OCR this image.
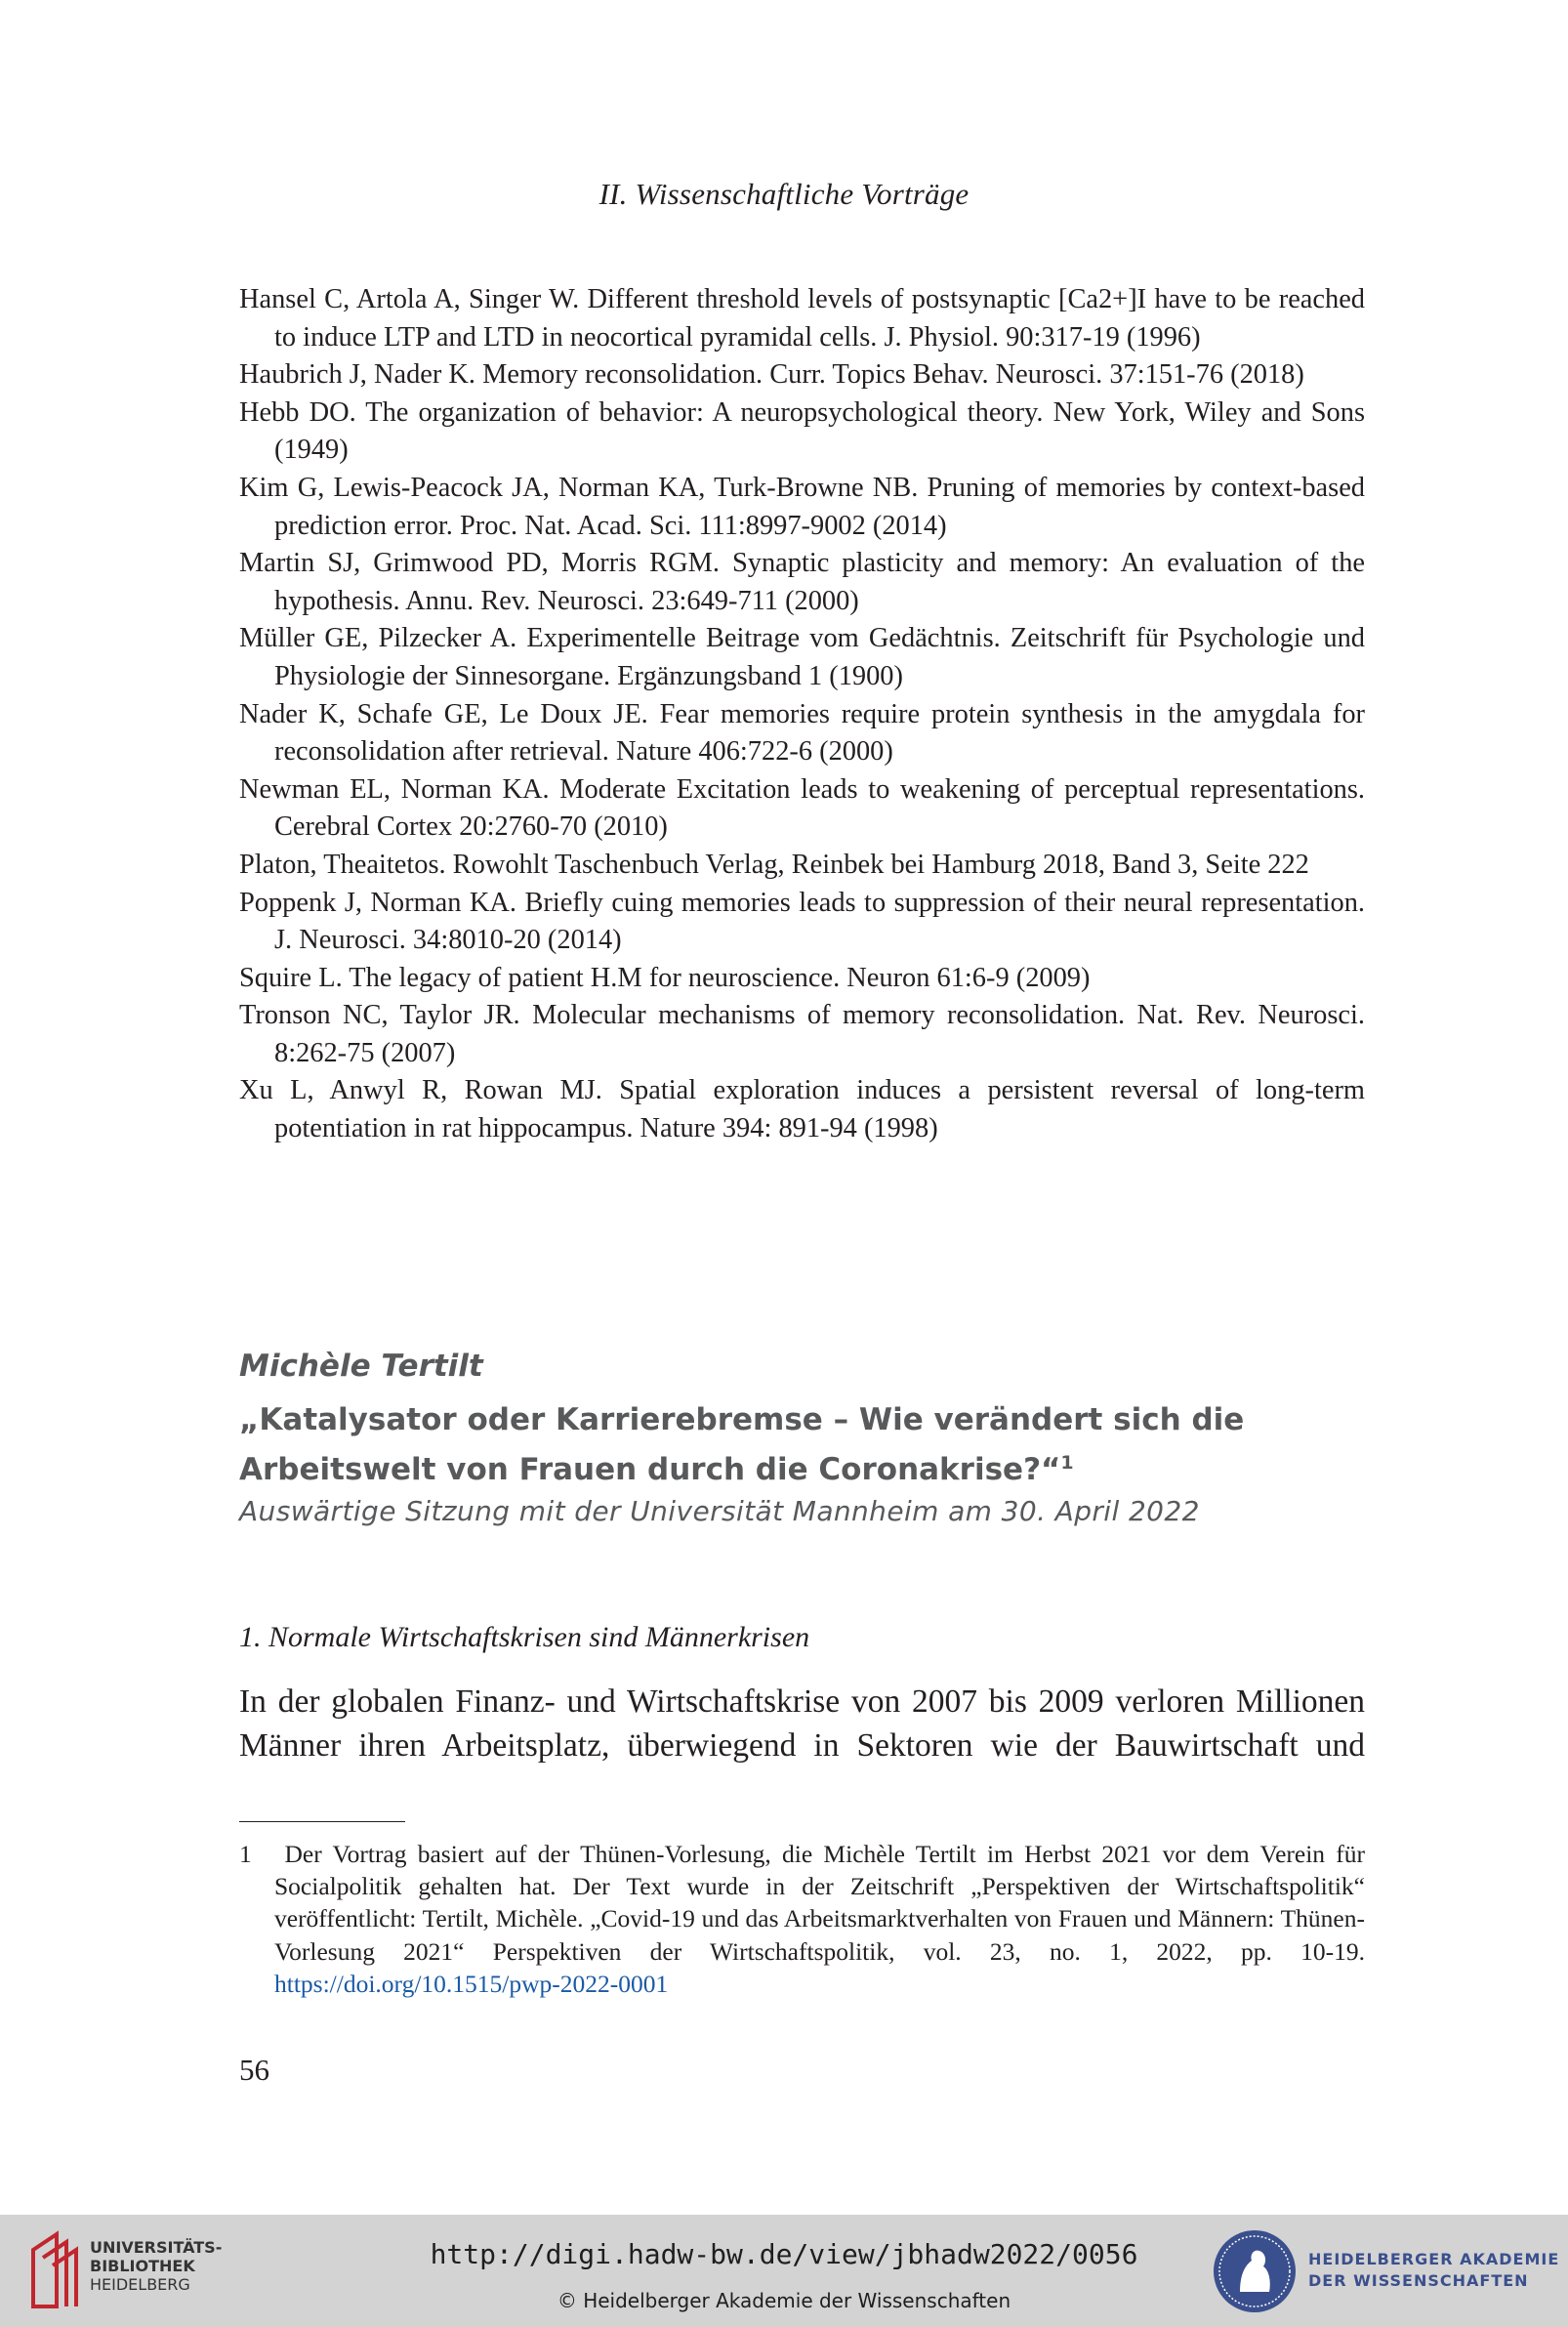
II. Wissenschaftliche Vorträge
Hansel C, Artola A, Singer W. Different threshold levels of postsynaptic [Ca2+]I have to be reached to induce LTP and LTD in neocortical pyramidal cells. J. Physiol. 90:317-19 (1996)
Haubrich J, Nader K. Memory reconsolidation. Curr. Topics Behav. Neurosci. 37:151-76 (2018)
Hebb DO. The organization of behavior: A neuropsychological theory. New York, Wiley and Sons (1949)
Kim G, Lewis-Peacock JA, Norman KA, Turk-Browne NB. Pruning of memories by context-based prediction error. Proc. Nat. Acad. Sci. 111:8997-9002 (2014)
Martin SJ, Grimwood PD, Morris RGM. Synaptic plasticity and memory: An evaluation of the hypothesis. Annu. Rev. Neurosci. 23:649-711 (2000)
Müller GE, Pilzecker A. Experimentelle Beitrage vom Gedächtnis. Zeitschrift für Psychologie und Physiologie der Sinnesorgane. Ergänzungsband 1 (1900)
Nader K, Schafe GE, Le Doux JE. Fear memories require protein synthesis in the amygdala for reconsolidation after retrieval. Nature 406:722-6 (2000)
Newman EL, Norman KA. Moderate Excitation leads to weakening of perceptual representations. Cerebral Cortex 20:2760-70 (2010)
Platon, Theaitetos. Rowohlt Taschenbuch Verlag, Reinbek bei Hamburg 2018, Band 3, Seite 222
Poppenk J, Norman KA. Briefly cuing memories leads to suppression of their neural representation. J. Neurosci. 34:8010-20 (2014)
Squire L. The legacy of patient H.M for neuroscience. Neuron 61:6-9 (2009)
Tronson NC, Taylor JR. Molecular mechanisms of memory reconsolidation. Nat. Rev. Neurosci. 8:262-75 (2007)
Xu L, Anwyl R, Rowan MJ. Spatial exploration induces a persistent reversal of long-term potentiation in rat hippocampus. Nature 394: 891-94 (1998)
Michèle Tertilt
„Katalysator oder Karrierebremse – Wie verändert sich die Arbeitswelt von Frauen durch die Coronakrise?“$^1$
Auswärtige Sitzung mit der Universität Mannheim am 30. April 2022
1. Normale Wirtschaftskrisen sind Männerkrisen
In der globalen Finanz- und Wirtschaftskrise von 2007 bis 2009 verloren Millionen Männer ihren Arbeitsplatz, überwiegend in Sektoren wie der Bauwirtschaft und
1 Der Vortrag basiert auf der Thünen-Vorlesung, die Michèle Tertilt im Herbst 2021 vor dem Verein für Socialpolitik gehalten hat. Der Text wurde in der Zeitschrift „Perspektiven der Wirtschaftspolitik“ veröffentlicht: Tertilt, Michèle. „Covid-19 und das Arbeitsmarktverhalten von Frauen und Männern: Thünen-Vorlesung 2021“ Perspektiven der Wirtschaftspolitik, vol. 23, no. 1, 2022, pp. 10-19. https://doi.org/10.1515/pwp-2022-0001
56
UNIVERSITÄTS-
BIBLIOTHEK
HEIDELBERG
http://digi.hadw-bw.de/view/jbhadw2022/0056
© Heidelberger Akademie der Wissenschaften
HEIDELBERGER AKADEMIE
DER WISSENSCHAFTEN
